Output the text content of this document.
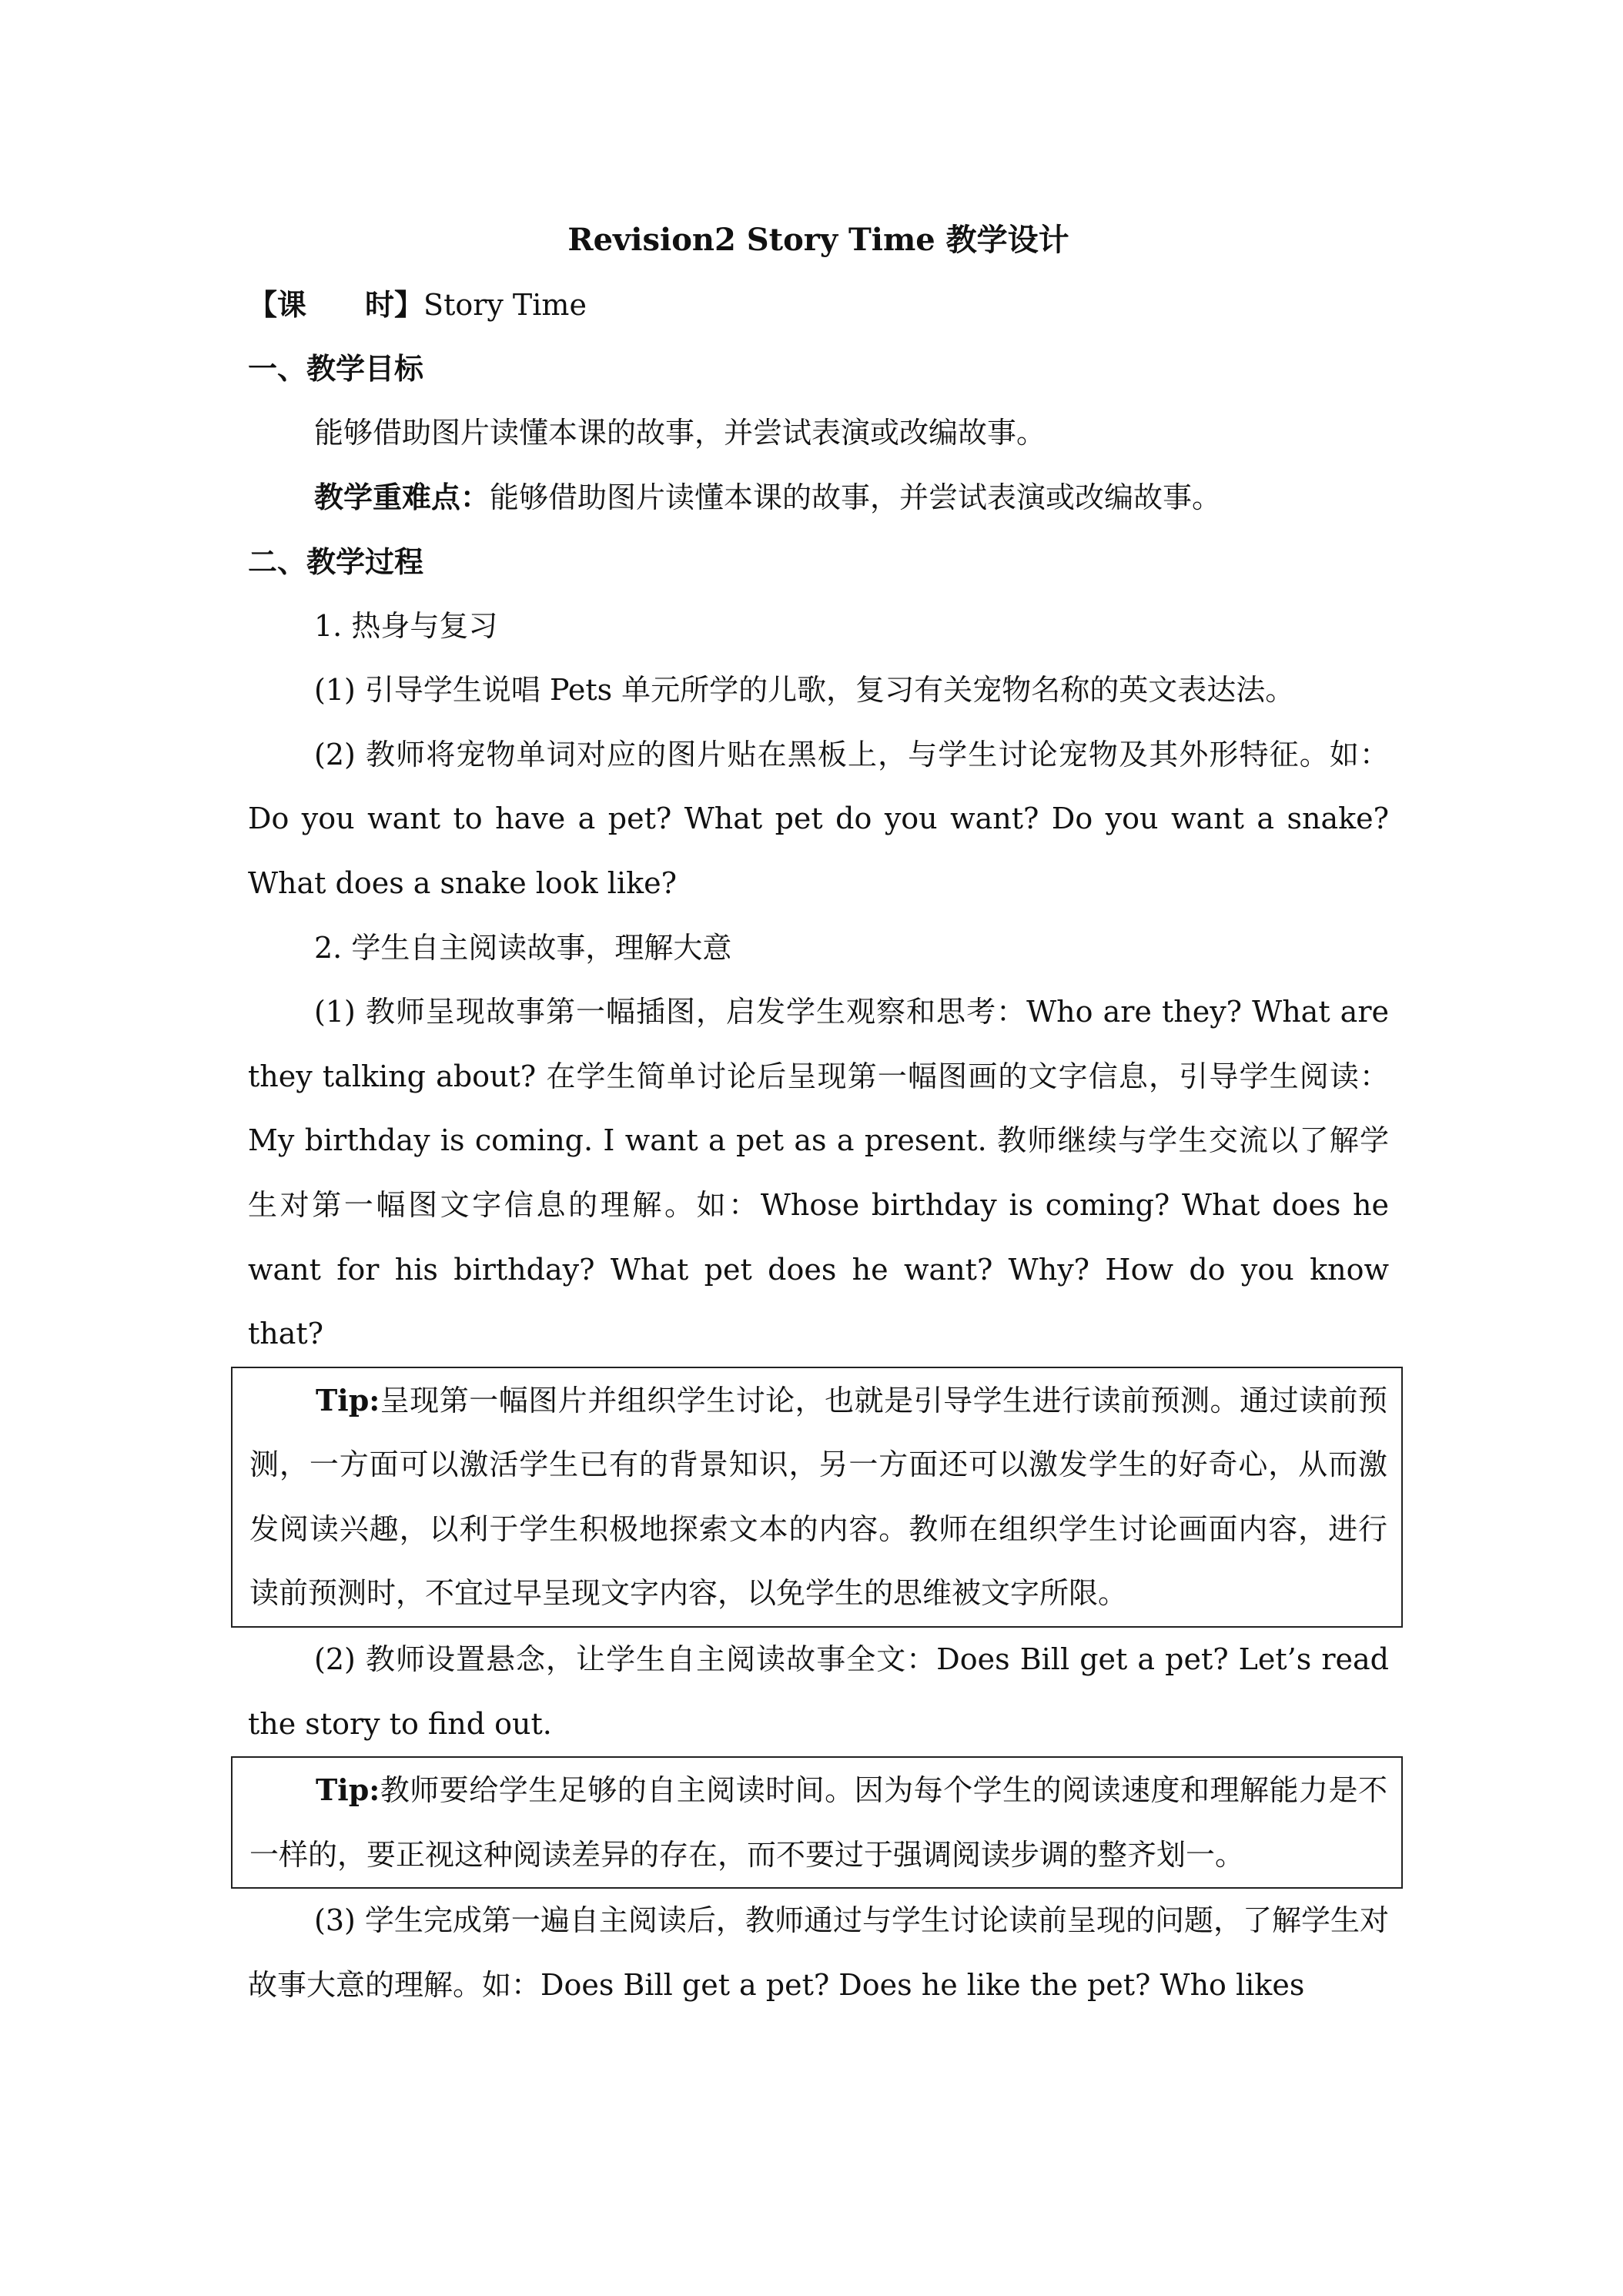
Revision2 Story Time 教学设计

【课 时】Story Time

一、教学目标

能够借助图片读懂本课的故事，并尝试表演或改编故事。

教学重难点：能够借助图片读懂本课的故事，并尝试表演或改编故事。

二、教学过程

1. 热身与复习

(1) 引导学生说唱 Pets 单元所学的儿歌，复习有关宠物名称的英文表达法。

(2) 教师将宠物单词对应的图片贴在黑板上，与学生讨论宠物及其外形特征。如：Do you want to have a pet? What pet do you want? Do you want a snake? What does a snake look like?

2. 学生自主阅读故事，理解大意

(1) 教师呈现故事第一幅插图，启发学生观察和思考：Who are they? What are they talking about? 在学生简单讨论后呈现第一幅图画的文字信息，引导学生阅读：My birthday is coming. I want a pet as a present. 教师继续与学生交流以了解学生对第一幅图文字信息的理解。如：Whose birthday is coming? What does he want for his birthday? What pet does he want? Why? How do you know that?

Tip:呈现第一幅图片并组织学生讨论，也就是引导学生进行读前预测。通过读前预测，一方面可以激活学生已有的背景知识，另一方面还可以激发学生的好奇心，从而激发阅读兴趣，以利于学生积极地探索文本的内容。教师在组织学生讨论画面内容，进行读前预测时，不宜过早呈现文字内容，以免学生的思维被文字所限。

(2) 教师设置悬念，让学生自主阅读故事全文：Does Bill get a pet? Let’s read the story to find out.

Tip:教师要给学生足够的自主阅读时间。因为每个学生的阅读速度和理解能力是不一样的，要正视这种阅读差异的存在，而不要过于强调阅读步调的整齐划一。

(3) 学生完成第一遍自主阅读后，教师通过与学生讨论读前呈现的问题，了解学生对故事大意的理解。如：Does Bill get a pet? Does he like the pet? Who likes
